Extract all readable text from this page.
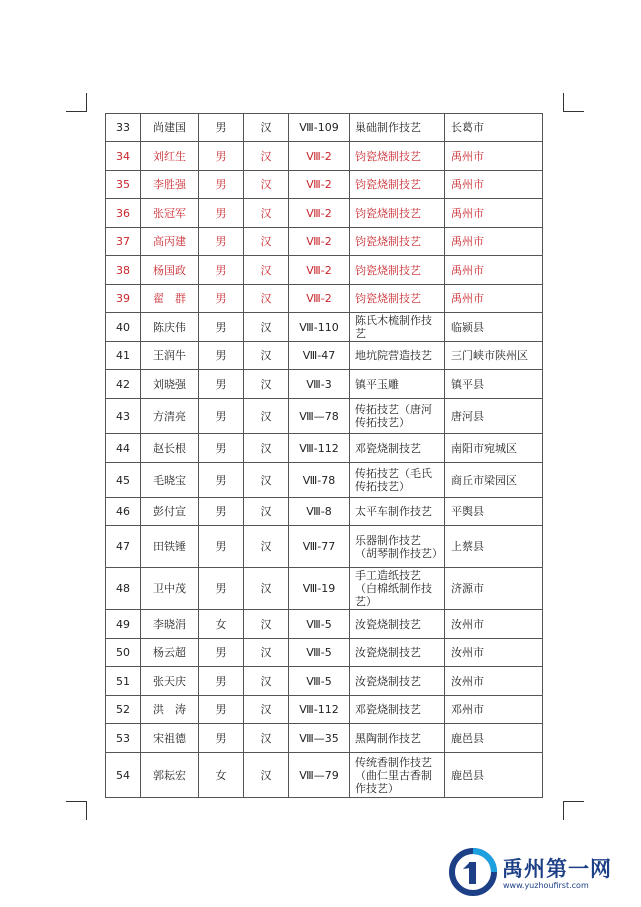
33	尚建国	男	汉	Ⅷ-109	巢础制作技艺	长葛市
34	刘红生	男	汉	Ⅷ-2	钧瓷烧制技艺	禹州市
35	李胜强	男	汉	Ⅷ-2	钧瓷烧制技艺	禹州市
36	张冠军	男	汉	Ⅷ-2	钧瓷烧制技艺	禹州市
37	高丙建	男	汉	Ⅷ-2	钧瓷烧制技艺	禹州市
38	杨国政	男	汉	Ⅷ-2	钧瓷烧制技艺	禹州市
39	翟　群	男	汉	Ⅷ-2	钧瓷烧制技艺	禹州市
40	陈庆伟	男	汉	Ⅷ-110	陈氏木梳制作技艺	临颍县
41	王润牛	男	汉	Ⅷ-47	地坑院营造技艺	三门峡市陕州区
42	刘晓强	男	汉	Ⅷ-3	镇平玉雕	镇平县
43	方清亮	男	汉	Ⅷ—78	传拓技艺（唐河传拓技艺）	唐河县
44	赵长根	男	汉	Ⅷ-112	邓瓷烧制技艺	南阳市宛城区
45	毛晓宝	男	汉	Ⅷ-78	传拓技艺（毛氏传拓技艺）	商丘市梁园区
46	彭付宣	男	汉	Ⅷ-8	太平车制作技艺	平舆县
47	田铁锤	男	汉	Ⅷ-77	乐器制作技艺（胡琴制作技艺）	上蔡县
48	卫中茂	男	汉	Ⅷ-19	手工造纸技艺（白棉纸制作技艺）	济源市
49	李晓涓	女	汉	Ⅷ-5	汝瓷烧制技艺	汝州市
50	杨云超	男	汉	Ⅷ-5	汝瓷烧制技艺	汝州市
51	张天庆	男	汉	Ⅷ-5	汝瓷烧制技艺	汝州市
52	洪　涛	男	汉	Ⅷ-112	邓瓷烧制技艺	邓州市
53	宋祖德	男	汉	Ⅷ—35	黑陶制作技艺	鹿邑县
54	郭耘宏	女	汉	Ⅷ—79	传统香制作技艺（曲仁里古香制作技艺）	鹿邑县
禹州第一网
www.yuzhoufirst.com
